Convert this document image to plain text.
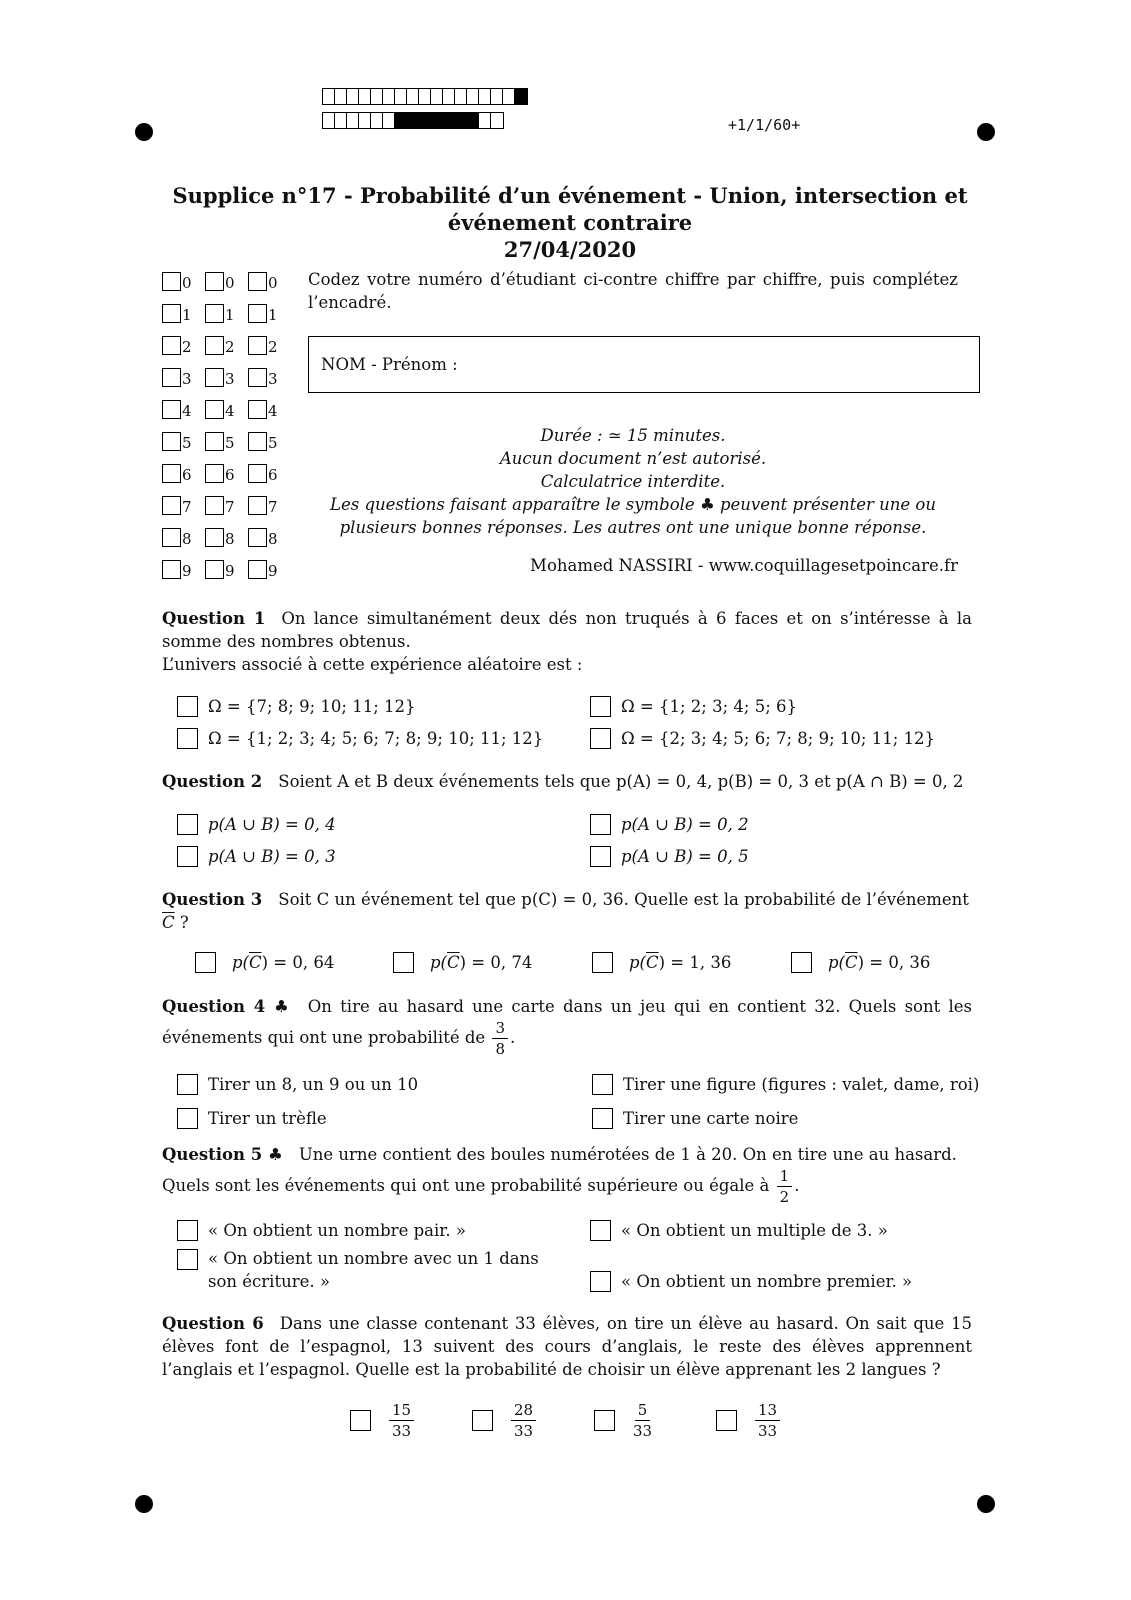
+1/1/60+
Supplice n°17 - Probabilité d’un événement - Union, intersection et
événement contraire
27/04/2020
0 0 0
1 1 1
2 2 2
3 3 3
4 4 4
5 5 5
6 6 6
7 7 7
8 8 8
9 9 9
Codez votre numéro d’étudiant ci-contre chiffre par chiffre, puis complétez l’encadré.
NOM - Prénom :
Durée : ≃ 15 minutes.
Aucun document n’est autorisé.
Calculatrice interdite.
Les questions faisant apparaître le symbole ♣ peuvent présenter une ou
plusieurs bonnes réponses. Les autres ont une unique bonne réponse.
Mohamed NASSIRI - www.coquillagesetpoincare.fr
Question 1 On lance simultanément deux dés non truqués à 6 faces et on s’intéresse à la somme des nombres obtenus.
L’univers associé à cette expérience aléatoire est :
Ω = {7; 8; 9; 10; 11; 12}	Ω = {1; 2; 3; 4; 5; 6}
Ω = {1; 2; 3; 4; 5; 6; 7; 8; 9; 10; 11; 12}	Ω = {2; 3; 4; 5; 6; 7; 8; 9; 10; 11; 12}
Question 2 Soient A et B deux événements tels que p(A) = 0, 4, p(B) = 0, 3 et p(A ∩ B) = 0, 2
p(A ∪ B) = 0, 4	p(A ∪ B) = 0, 2
p(A ∪ B) = 0, 3	p(A ∪ B) = 0, 5
Question 3 Soit C un événement tel que p(C) = 0, 36. Quelle est la probabilité de l’événement
$\overline{C}$ ?
$p(\overline{C}) = 0$, 64	$p(\overline{C}) = 0$, 74	$p(\overline{C}) = 1$, 36	$p(\overline{C}) = 0$, 36
Question 4 ♣ On tire au hasard une carte dans un jeu qui en contient 32. Quels sont les événements qui ont une probabilité de $\frac{3}{8}$ .
Tirer un 8, un 9 ou un 10	Tirer une figure (figures : valet, dame, roi)
Tirer un trèfle	Tirer une carte noire
Question 5 ♣ Une urne contient des boules numérotées de 1 à 20. On en tire une au hasard.
Quels sont les événements qui ont une probabilité supérieure ou égale à $\frac{1}{2}$ .
« On obtient un nombre pair. »	« On obtient un multiple de 3. »
« On obtient un nombre avec un 1 dans
son écriture. »	« On obtient un nombre premier. »
Question 6 Dans une classe contenant 33 élèves, on tire un élève au hasard. On sait que 15 élèves font de l’espagnol, 13 suivent des cours d’anglais, le reste des élèves apprennent l’anglais et l’espagnol. Quelle est la probabilité de choisir un élève apprenant les 2 langues ?
$\frac{15}{33}$	$\frac{28}{33}$	$\frac{5}{33}$	$\frac{13}{33}$
